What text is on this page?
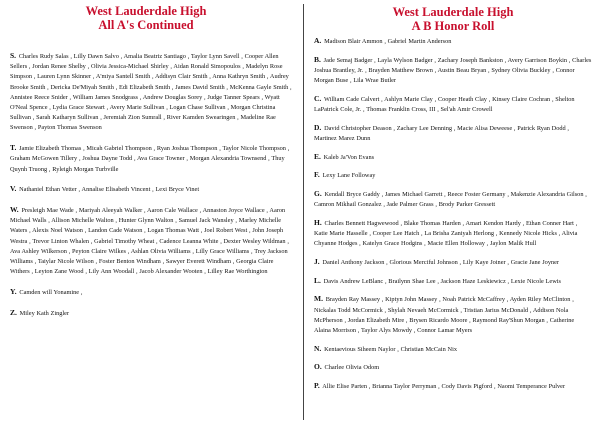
West Lauderdale High
All A's Continued

S. Charles Rudy Salas , Lilly Dawn Salvo , Amalia Beatriz Santiago , Taylor Lynn Savell , Cooper Allen Sellers , Jordan Renee Shelby , Olivia Jessica-Michael Shirley , Aidan Ronald Simopoulos , Madelyn Rose Simpson , Lauren Lynn Skinner , A'miya Santell Smith , Addisyn Clair Smith , Anna Kathryn Smith , Audrey Brooke Smith , Dericka De'Miyah Smith , Edi Elizabeth Smith , James David Smith , McKenna Gayle Smith , Annistee Reece Snider , William James Snodgrass , Andrew Douglas Sorey , Judge Tanner Spears , Wyatt O'Neal Spence , Lydia Grace Stewart , Avery Marie Sullivan , Logan Chase Sullivan , Morgan Christina Sullivan , Sarah Katharyn Sullivan , Jeremiah Zion Sumrall , River Kamden Swearingen , Madeline Rae Swenson , Payton Thomas Swenson

T. Jamie Elizabeth Thomas , Micah Gabriel Thompson , Ryan Joshua Thompson , Taylor Nicole Thompson , Graham McGowen Tillery , Joshua Dayne Todd , Ava Grace Towner , Morgan Alexandria Townsend , Thuy Quynh Truong , Ryleigh Morgan Turbville

V. Nathaniel Ethan Vetter , Annalise Elisabeth Vincent , Lexi Bryce Vinet

W. Presleigh Mae Wade , Mariyah Aleeyah Walker , Aaron Cale Wallace , Annaston Joyce Wallace , Aaron Michael Walls , Allison Michelle Walton , Hunter Glynn Walton , Samuel Jack Wansley , Marley Michelle Waters , Alexis Noel Watson , Landon Cade Watson , Logan Thomas Watt , Joel Robert West , John Joseph Westra , Trevor Linton Whalen , Gabriel Timothy Wheat , Cadence Leanna White , Dexter Wesley Wildman , Ava Ashley Wilkerson , Peyton Claire Wilkes , Ashlan Olivia Williams , Lilly Grace Williams , Trey Jackson Williams , Taiylar Nicole Wilson , Foster Benton Windham , Sawyer Everett Windham , Georgia Claire Withers , Leyton Zane Wood , Lily Ann Woodall , Jacob Alexander Wooten , Lilley Rae Worthington

Y. Camden will Yonamine ,

Z. Miley Kath Zingler

West Lauderdale High
A B Honor Roll

A. Madison Blair Ammon , Gabriel Martin Anderson

B. Jade Semaj Badger , Layla Wylson Badger , Zachary Joseph Bankston , Avery Garrison Boykin , Charles Joshua Brantley, Jr. , Brayden Matthew Brown , Austin Beau Bryan , Sydney Olivia Buckley , Connor Morgan Buse , Lila Wrae Butler

C. William Cade Calvert , Ashlyn Marie Clay , Cooper Heath Clay , Kinsey Claire Cochran , Shelton LaPatrick Cole, Jr. , Thomas Franklin Cross, III , Sel'ah Amir Crowell

D. David Christopher Deason , Zachary Lee Denning , Macie Alisa Deweese , Patrick Ryan Dodd , Martinez Marez Dunn

E. Kaleb Ja'Von Evans

F. Lexy Lane Followay

G. Kendall Bryce Gaddy , James Michael Garrett , Reece Foster Germany , Makenzie Alexandria Gilson , Camron Mikhail Gonzalez , Jade Palmer Grass , Brody Parker Gressett

H. Charles Bennett Hagwewood , Blake Thomas Harden , Amari Kendon Hardy , Ethan Conner Hart , Katie Marie Hasselle , Cooper Lee Hatch , La Brisha Zaniyah Herlong , Kennedy Nicole Hicks , Alivia Chyanne Hodges , Katelyn Grace Hodgins , Macie Ellen Holloway , Jaylon Malik Hull

J. Daniel Anthony Jackson , Glorious Merciful Johnson , Lily Kaye Joiner , Gracie Jane Joyner

L. Davis Andrew LeBlanc , Brailynn Shae Lee , Jackson Haze Leskiewicz , Lexie Nicole Lewis

M. Brayden Ray Massey , Kiptyn John Massey , Noah Patrick McCaffrey , Ayden Riley McClinton , Nickalas Todd McCormick , Shylah Nevaeh McCormick , Tristian Jarius McDonald , Addison Nola McPherson , Jordan Elizabeth Mire , Brysen Ricardo Moore , Raymond Ray'Shun Morgan , Catherine Alaina Morrison , Taylor Alys Mowdy , Connor Lamar Myers

N. Kentaevious Siheem Naylor , Christian McCain Nix

O. Charlee Olivia Odom

P. Allie Elise Parten , Brianna Taylor Perryman , Cody Davis Pigford , Naomi Temperance Pulver
